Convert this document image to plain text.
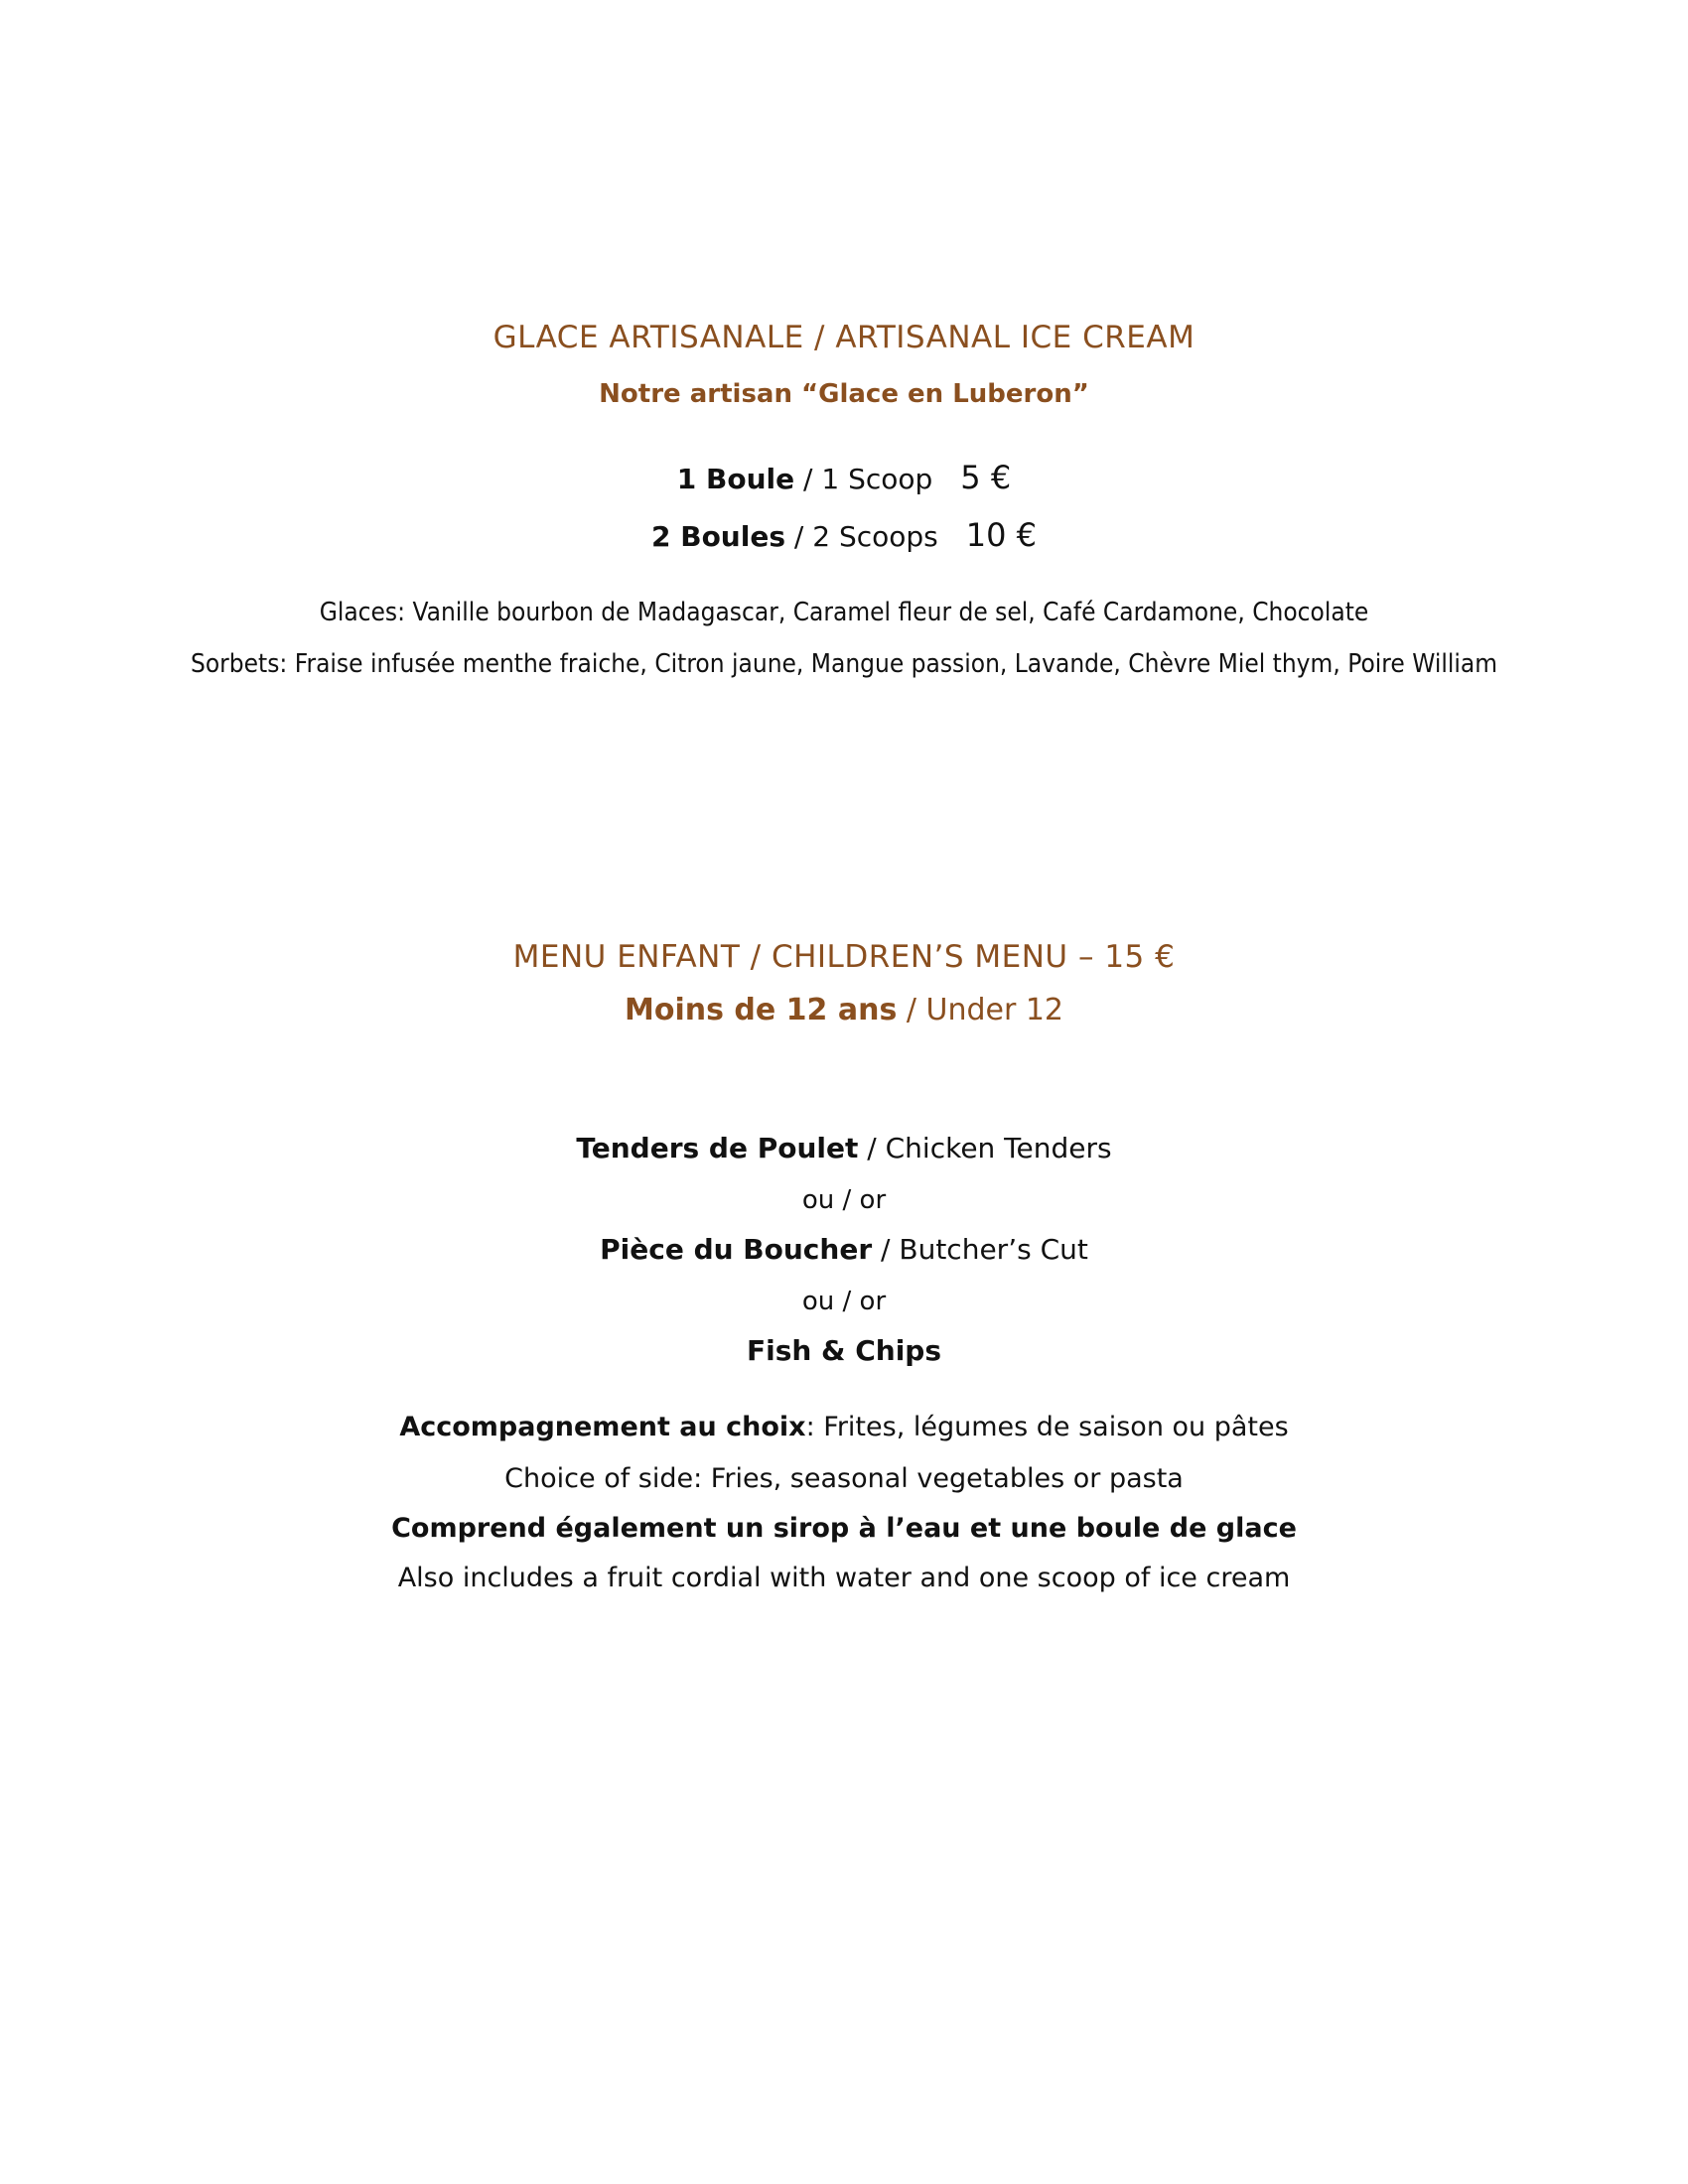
GLACE ARTISANALE / ARTISANAL ICE CREAM
Notre artisan “Glace en Luberon”
1 Boule / 1 Scoop 5 €
2 Boules / 2 Scoops 10 €
Glaces: Vanille bourbon de Madagascar, Caramel fleur de sel, Café Cardamone, Chocolate
Sorbets: Fraise infusée menthe fraiche, Citron jaune, Mangue passion, Lavande, Chèvre Miel thym, Poire William
MENU ENFANT / CHILDREN’S MENU – 15 €
Moins de 12 ans / Under 12
Tenders de Poulet / Chicken Tenders
ou / or
Pièce du Boucher / Butcher’s Cut
ou / or
Fish & Chips
Accompagnement au choix: Frites, légumes de saison ou pâtes
Choice of side: Fries, seasonal vegetables or pasta
Comprend également un sirop à l’eau et une boule de glace
Also includes a fruit cordial with water and one scoop of ice cream
